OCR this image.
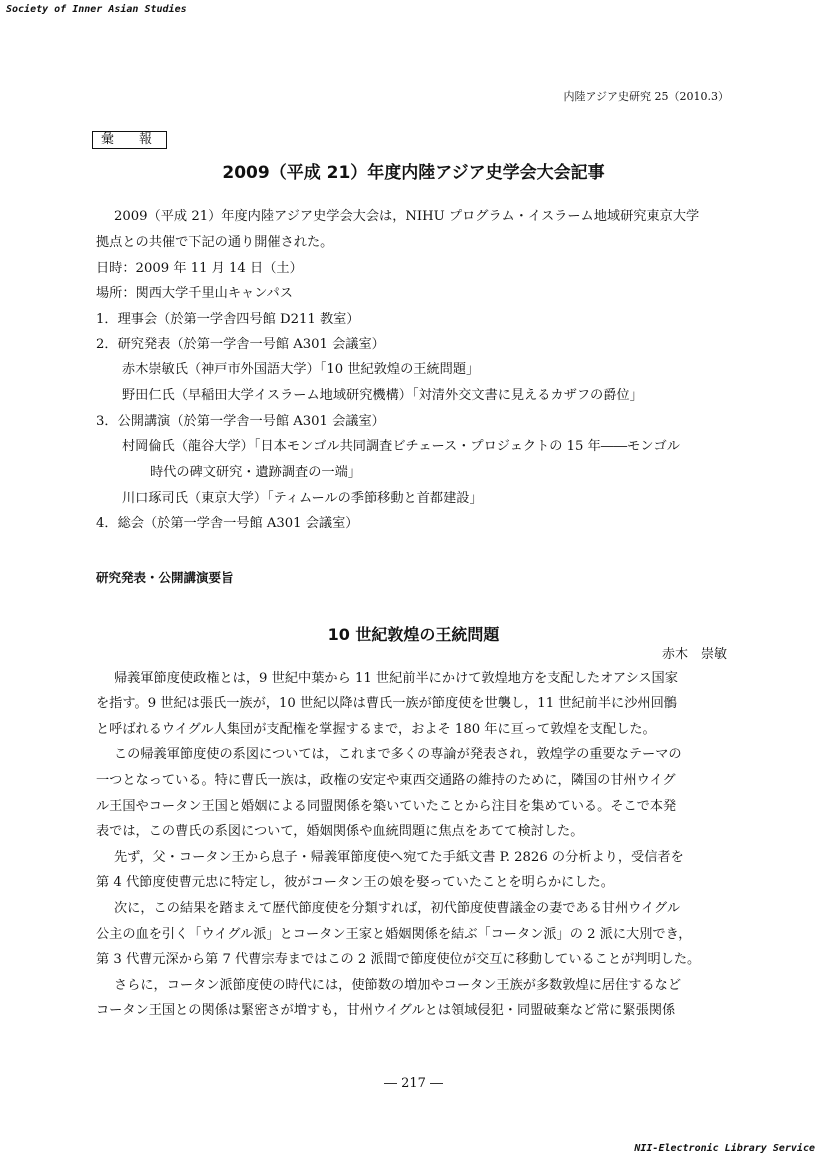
Society of Inner Asian Studies
内陸アジア史研究 25（2010.3）
彙　報
2009（平成 21）年度内陸アジア史学会大会記事
2009（平成 21）年度内陸アジア史学会大会は，NIHU プログラム・イスラーム地域研究東京大学
拠点との共催で下記の通り開催された。
日時：2009 年 11 月 14 日（土）
場所：関西大学千里山キャンパス
1．理事会（於第一学舎四号館 D211 教室）
2．研究発表（於第一学舎一号館 A301 会議室）
赤木崇敏氏（神戸市外国語大学）「10 世紀敦煌の王統問題」
野田仁氏（早稲田大学イスラーム地域研究機構）「対清外交文書に見えるカザフの爵位」
3．公開講演（於第一学舎一号館 A301 会議室）
村岡倫氏（龍谷大学）「日本モンゴル共同調査ビチェース・プロジェクトの 15 年――モンゴル
時代の碑文研究・遺跡調査の一端」
川口琢司氏（東京大学）「ティムールの季節移動と首都建設」
4．総会（於第一学舎一号館 A301 会議室）
研究発表・公開講演要旨
10 世紀敦煌の王統問題
赤木　崇敏
帰義軍節度使政権とは，9 世紀中葉から 11 世紀前半にかけて敦煌地方を支配したオアシス国家
を指す。9 世紀は張氏一族が，10 世紀以降は曹氏一族が節度使を世襲し，11 世紀前半に沙州回鶻
と呼ばれるウイグル人集団が支配権を掌握するまで，およそ 180 年に亘って敦煌を支配した。
この帰義軍節度使の系図については，これまで多くの専論が発表され，敦煌学の重要なテーマの
一つとなっている。特に曹氏一族は，政権の安定や東西交通路の維持のために，隣国の甘州ウイグ
ル王国やコータン王国と婚姻による同盟関係を築いていたことから注目を集めている。そこで本発
表では，この曹氏の系図について，婚姻関係や血統問題に焦点をあてて検討した。
先ず，父・コータン王から息子・帰義軍節度使へ宛てた手紙文書 P. 2826 の分析より，受信者を
第 4 代節度使曹元忠に特定し，彼がコータン王の娘を娶っていたことを明らかにした。
次に，この結果を踏まえて歴代節度使を分類すれば，初代節度使曹議金の妻である甘州ウイグル
公主の血を引く「ウイグル派」とコータン王家と婚姻関係を結ぶ「コータン派」の 2 派に大別でき，
第 3 代曹元深から第 7 代曹宗寿まではこの 2 派間で節度使位が交互に移動していることが判明した。
さらに，コータン派節度使の時代には，使節数の増加やコータン王族が多数敦煌に居住するなど
コータン王国との関係は緊密さが増すも，甘州ウイグルとは領域侵犯・同盟破棄など常に緊張関係
― 217 ―
NII-Electronic Library Service
